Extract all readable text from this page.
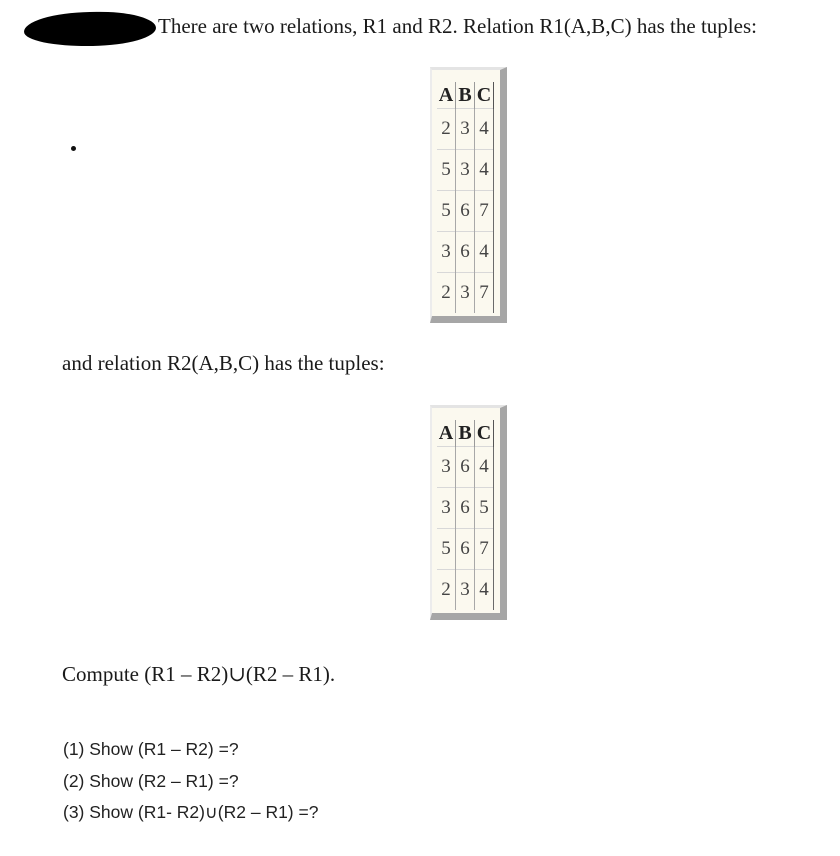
There are two relations, R1 and R2. Relation R1(A,B,C) has the tuples:
A	B	C
2	3	4
5	3	4
5	6	7
3	6	4
2	3	7
and relation R2(A,B,C) has the tuples:
A	B	C
3	6	4
3	6	5
5	6	7
2	3	4
Compute (R1 – R2)∪(R2 – R1).
(1) Show (R1 – R2) =?
(2) Show (R2 – R1) =?
(3) Show (R1- R2)∪(R2 – R1) =?
